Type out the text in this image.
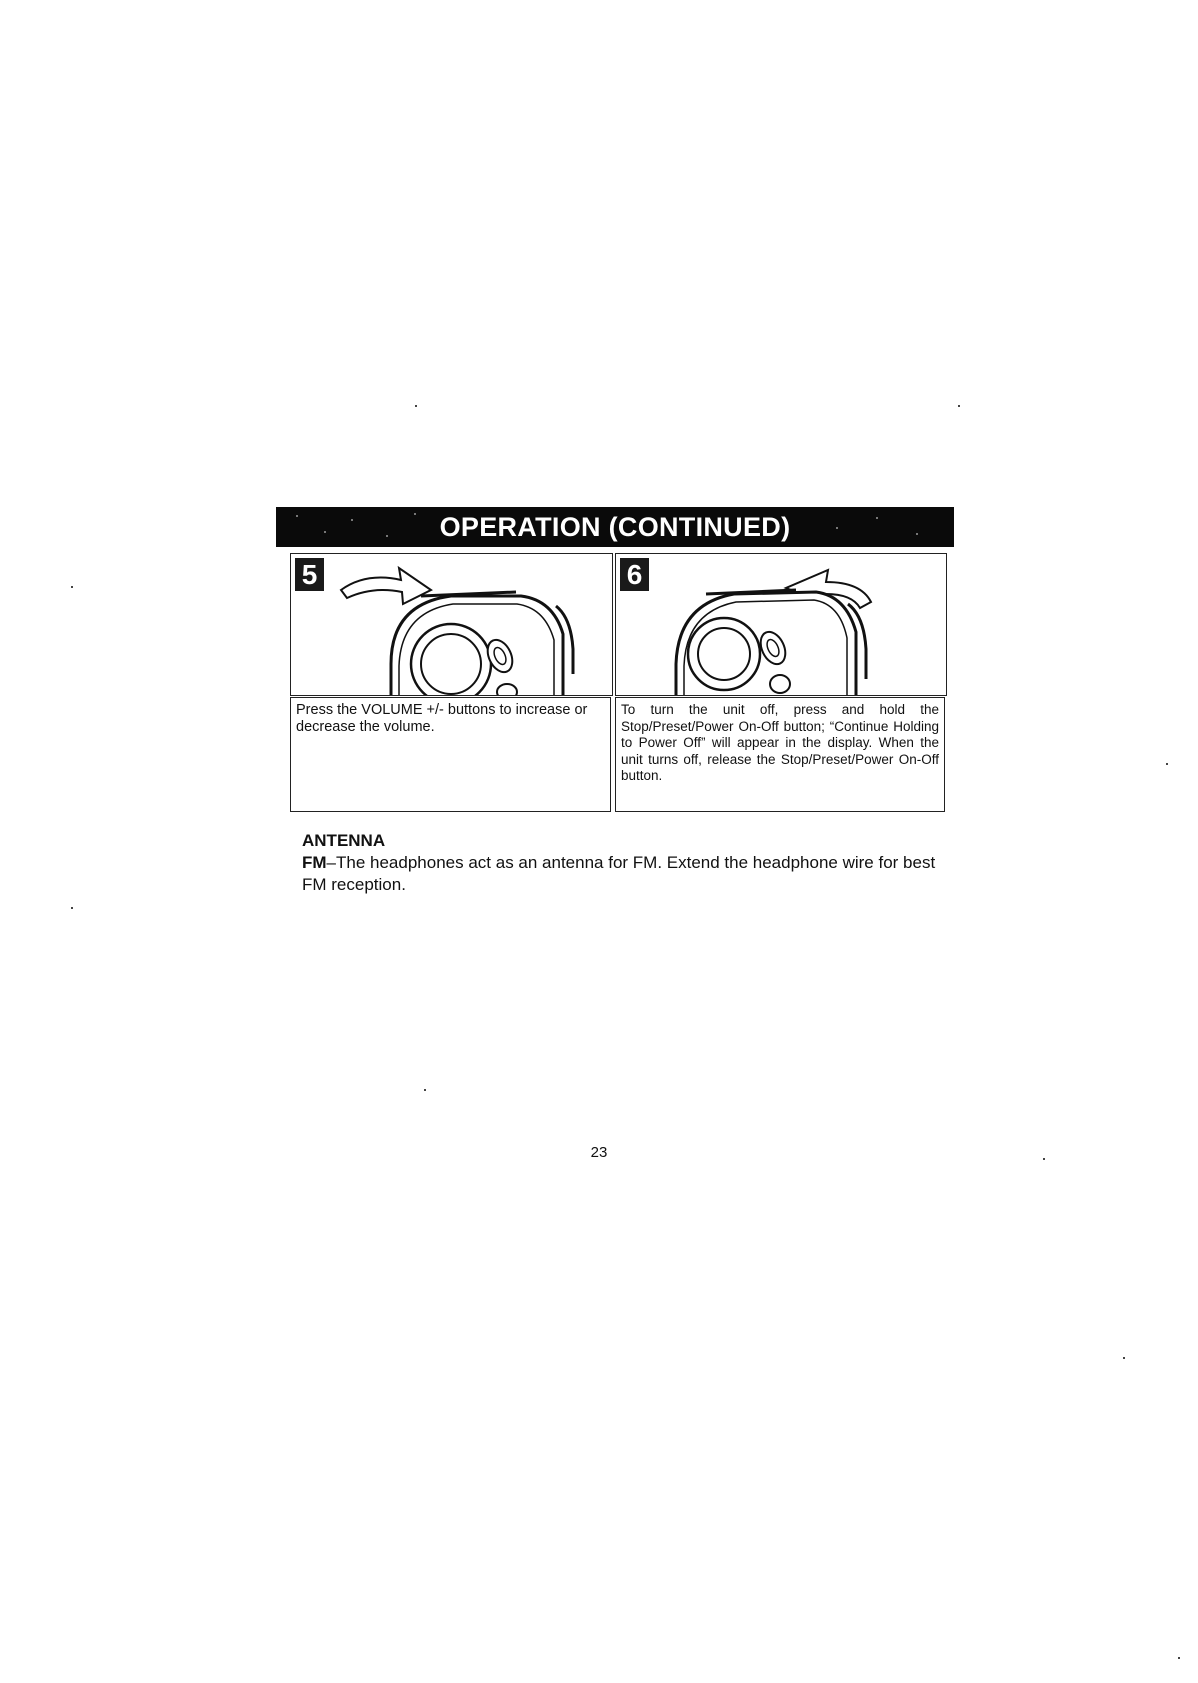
OPERATION (CONTINUED)
5	6
Press the VOLUME +/- buttons to increase or decrease the volume.
To turn the unit off, press and hold the Stop/Preset/Power On-Off button; “Continue Holding to Power Off” will appear in the display. When the unit turns off, release the Stop/Preset/Power On-Off button.
ANTENNA
FM–The headphones act as an antenna for FM. Extend the headphone wire for best FM reception.
23
